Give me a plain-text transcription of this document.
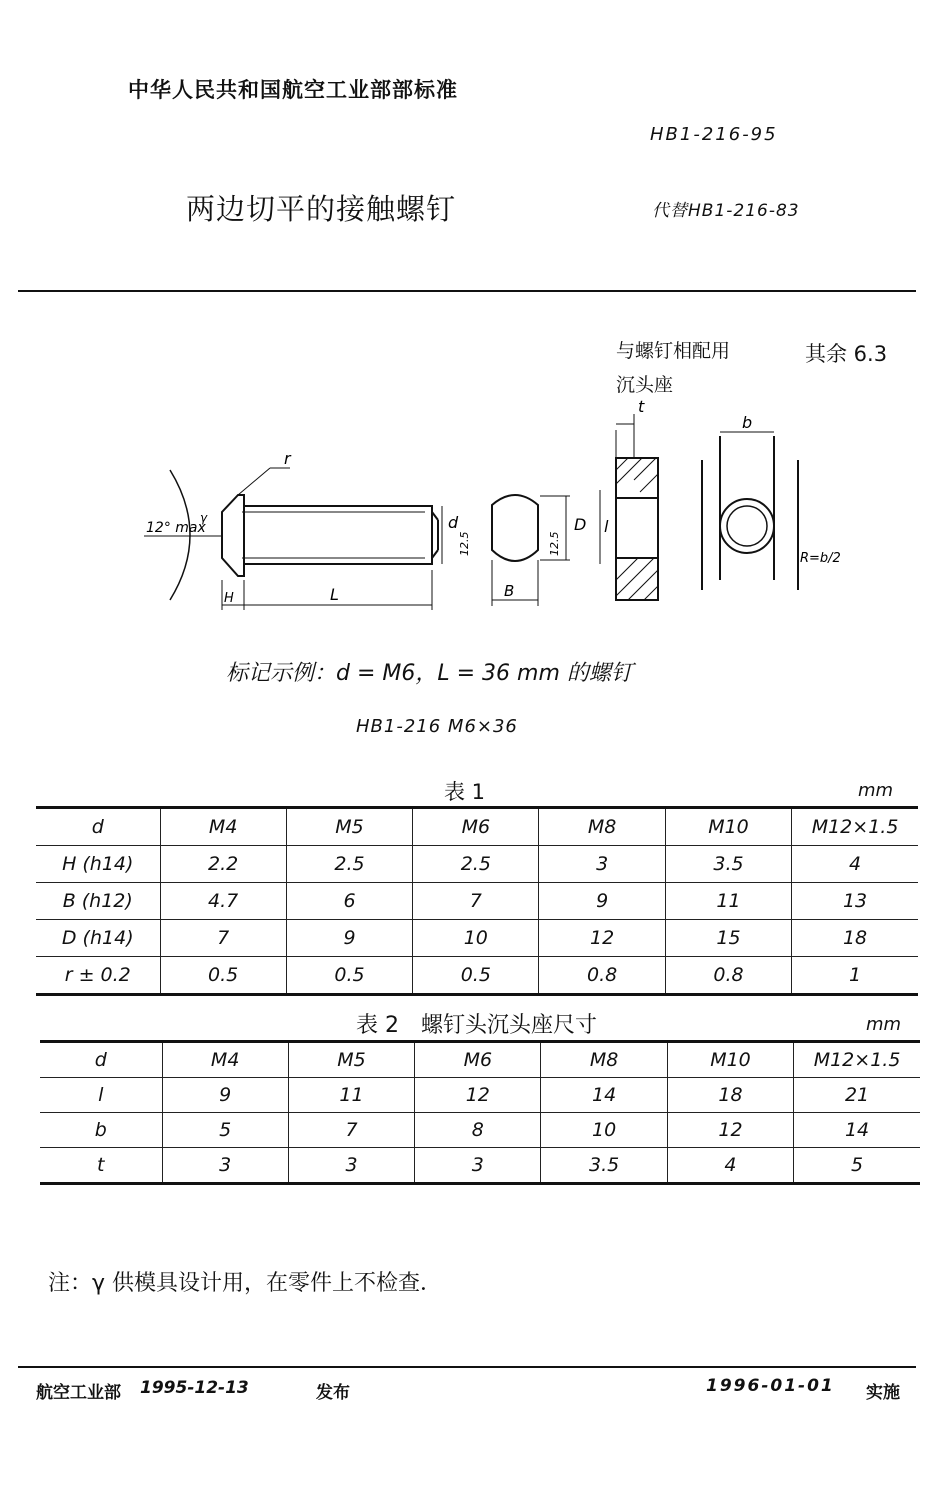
中华人民共和国航空工业部部标准
HB1-216-95
两边切平的接触螺钉	代替HB1-216-83
与螺钉相配用
沉头座
其余 6.3
r
12° max
γ
H	L
d
12.5
B
D
12.5
t
l
b
R=b/2
标记示例：d = M6，L = 36 mm 的螺钉
HB1-216 M6×36
表 1	mm
d	M4	M5	M6	M8	M10	M12×1.5
H (h14)	2.2	2.5	2.5	3	3.5	4
B (h12)	4.7	6	7	9	11	13
D (h14)	7	9	10	12	15	18
r ± 0.2	0.5	0.5	0.5	0.8	0.8	1
表 2　螺钉头沉头座尺寸	mm
d	M4	M5	M6	M8	M10	M12×1.5
l	9	11	12	14	18	21
b	5	7	8	10	12	14
t	3	3	3	3.5	4	5
注：γ 供模具设计用，在零件上不检查．
航空工业部 1995-12-13	发布	1996-01-01 实施
